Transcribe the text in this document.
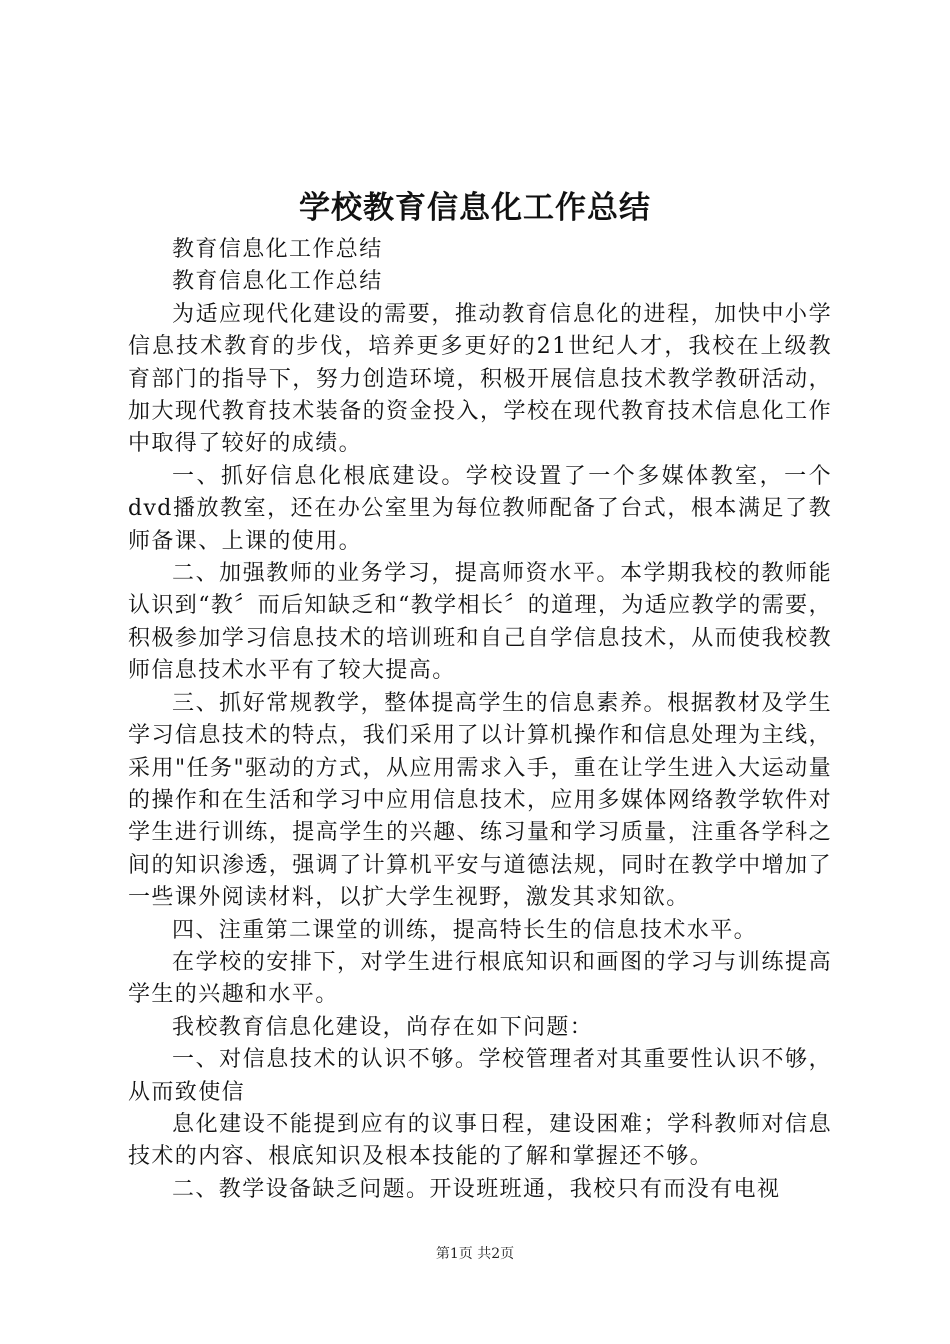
学校教育信息化工作总结

教育信息化工作总结

教育信息化工作总结

为适应现代化建设的需要，推动教育信息化的进程，加快中小学信息技术教育的步伐，培养更多更好的21世纪人才，我校在上级教育部门的指导下，努力创造环境，积极开展信息技术教学教研活动，加大现代教育技术装备的资金投入，学校在现代教育技术信息化工作中取得了较好的成绩。

一、抓好信息化根底建设。学校设置了一个多媒体教室，一个dvd播放教室，还在办公室里为每位教师配备了台式，根本满足了教师备课、上课的使用。

二、加强教师的业务学习，提高师资水平。本学期我校的教师能认识到“教〞而后知缺乏和“教学相长〞的道理，为适应教学的需要，积极参加学习信息技术的培训班和自己自学信息技术，从而使我校教师信息技术水平有了较大提高。

三、抓好常规教学，整体提高学生的信息素养。根据教材及学生学习信息技术的特点，我们采用了以计算机操作和信息处理为主线，采用"任务"驱动的方式，从应用需求入手，重在让学生进入大运动量的操作和在生活和学习中应用信息技术，应用多媒体网络教学软件对学生进行训练，提高学生的兴趣、练习量和学习质量，注重各学科之间的知识渗透，强调了计算机平安与道德法规，同时在教学中增加了一些课外阅读材料，以扩大学生视野，激发其求知欲。

四、注重第二课堂的训练，提高特长生的信息技术水平。

在学校的安排下，对学生进行根底知识和画图的学习与训练提高学生的兴趣和水平。

我校教育信息化建设，尚存在如下问题：

一、对信息技术的认识不够。学校管理者对其重要性认识不够，从而致使信

息化建设不能提到应有的议事日程，建设困难；学科教师对信息技术的内容、根底知识及根本技能的了解和掌握还不够。

二、教学设备缺乏问题。开设班班通，我校只有而没有电视

第1页 共2页
